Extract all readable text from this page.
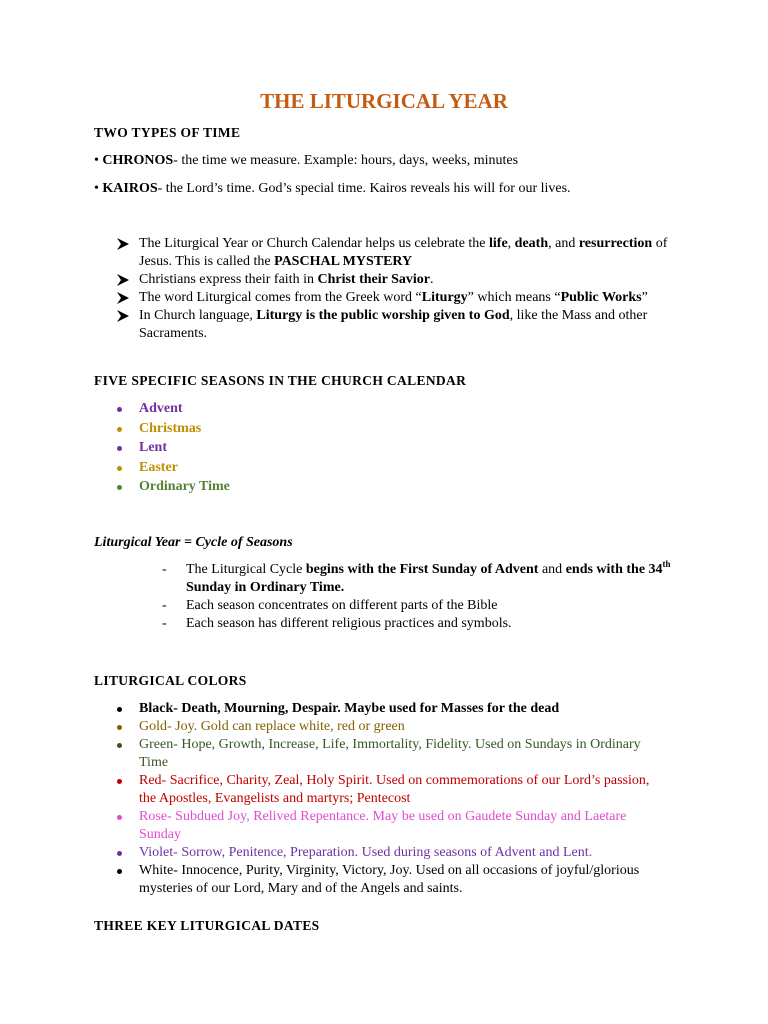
THE LITURGICAL YEAR
TWO TYPES OF TIME
• CHRONOS- the time we measure. Example: hours, days, weeks, minutes
• KAIROS- the Lord’s time. God’s special time. Kairos reveals his will for our lives.
The Liturgical Year or Church Calendar helps us celebrate the life, death, and resurrection of Jesus. This is called the PASCHAL MYSTERY
Christians express their faith in Christ their Savior.
The word Liturgical comes from the Greek word “Liturgy” which means “Public Works”
In Church language, Liturgy is the public worship given to God, like the Mass and other Sacraments.
FIVE SPECIFIC SEASONS IN THE CHURCH CALENDAR
Advent
Christmas
Lent
Easter
Ordinary Time
Liturgical Year = Cycle of Seasons
- The Liturgical Cycle begins with the First Sunday of Advent and ends with the 34th Sunday in Ordinary Time.
- Each season concentrates on different parts of the Bible
- Each season has different religious practices and symbols.
LITURGICAL COLORS
Black- Death, Mourning, Despair. Maybe used for Masses for the dead
Gold- Joy. Gold can replace white, red or green
Green- Hope, Growth, Increase, Life, Immortality, Fidelity. Used on Sundays in Ordinary Time
Red- Sacrifice, Charity, Zeal, Holy Spirit. Used on commemorations of our Lord’s passion, the Apostles, Evangelists and martyrs; Pentecost
Rose- Subdued Joy, Relived Repentance. May be used on Gaudete Sunday and Laetare Sunday
Violet- Sorrow, Penitence, Preparation. Used during seasons of Advent and Lent.
White- Innocence, Purity, Virginity, Victory, Joy. Used on all occasions of joyful/glorious mysteries of our Lord, Mary and of the Angels and saints.
THREE KEY LITURGICAL DATES
